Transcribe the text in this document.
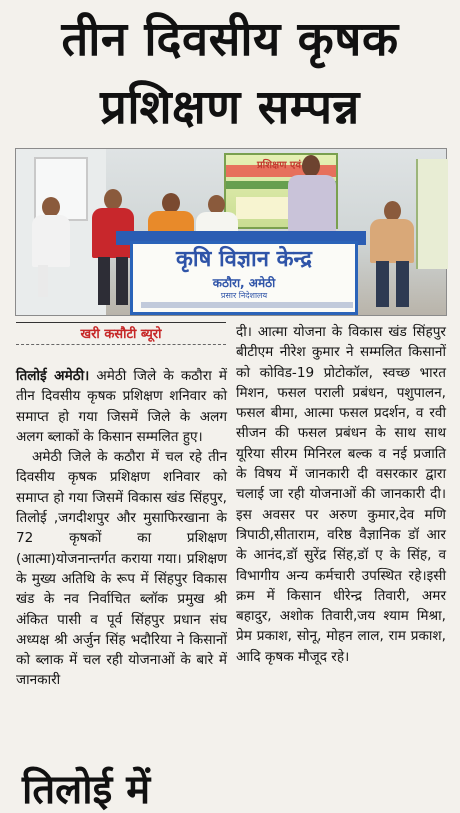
तीन दिवसीय कृषक
प्रशिक्षण सम्पन्न
कृषि विज्ञान केन्द्र
कठौरा, अमेठी
प्रसार निदेशालय
प्रशिक्षण एवं
खरी कसौटी ब्यूरो

तिलोई अमेठी। अमेठी जिले के कठौरा में तीन दिवसीय कृषक प्रशिक्षण शनिवार को समाप्त हो गया जिसमें जिले के अलग अलग ब्लाकों के किसान सम्मलित हुए।

अमेठी जिले के कठौरा में चल रहे तीन दिवसीय कृषक प्रशिक्षण शनिवार को समाप्त हो गया जिसमें विकास खंड सिंहपुर, तिलोई ,जगदीशपुर और मुसाफिरखाना के 72 कृषकों का प्रशिक्षण (आत्मा)योजनान्तर्गत कराया गया। प्रशिक्षण के मुख्य अतिथि के रूप में सिंहपुर विकास खंड के नव निर्वाचित ब्लॉक प्रमुख श्री अंकित पासी व पूर्व सिंहपुर प्रधान संघ अध्यक्ष श्री अर्जुन सिंह भदौरिया ने किसानों को ब्लाक में चल रही योजनाओं के बारे में जानकारी

दी। आत्मा योजना के विकास खंड सिंहपुर बीटीएम नीरेश कुमार ने सम्मलित किसानों को कोविड-19 प्रोटोकॉल, स्वच्छ भारत मिशन, फसल पराली प्रबंधन, पशुपालन, फसल बीमा, आत्मा फसल प्रदर्शन, व रवी सीजन की फसल प्रबंधन के साथ साथ यूरिया सीरम मिनिरल बल्क व नई प्रजाति के विषय में जानकारी दी वसरकार द्वारा चलाई जा रही योजनाओं की जानकारी दी। इस अवसर पर अरुण कुमार,देव मणि त्रिपाठी,सीताराम, वरिष्ठ वैज्ञानिक डॉ आर के आनंद,डॉ सुरेंद्र सिंह,डॉ ए के सिंह, व विभागीय अन्य कर्मचारी उपस्थित रहे।इसी क्रम में किसान धीरेन्द्र तिवारी, अमर बहादुर, अशोक तिवारी,जय श्याम मिश्रा, प्रेम प्रकाश, सोनू, मोहन लाल, राम प्रकाश, आदि कृषक मौजूद रहे।

तिलोई में
